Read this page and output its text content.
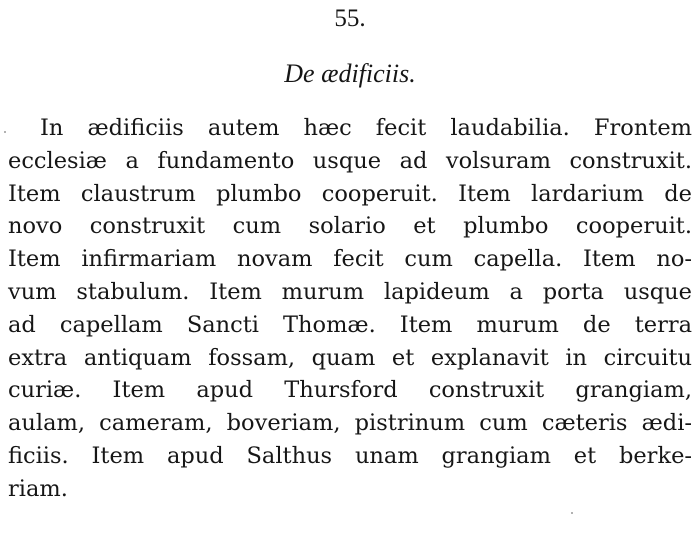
55.
De ædificiis.
In ædificiis autem hæc fecit laudabilia. Frontem
ecclesiæ a fundamento usque ad volsuram construxit.
Item claustrum plumbo cooperuit. Item lardarium de
novo construxit cum solario et plumbo cooperuit.
Item infirmariam novam fecit cum capella. Item no-
vum stabulum. Item murum lapideum a porta usque
ad capellam Sancti Thomæ. Item murum de terra
extra antiquam fossam, quam et explanavit in circuitu
curiæ. Item apud Thursford construxit grangiam,
aulam, cameram, boveriam, pistrinum cum cæteris ædi-
ficiis. Item apud Salthus unam grangiam et berke-
riam.
